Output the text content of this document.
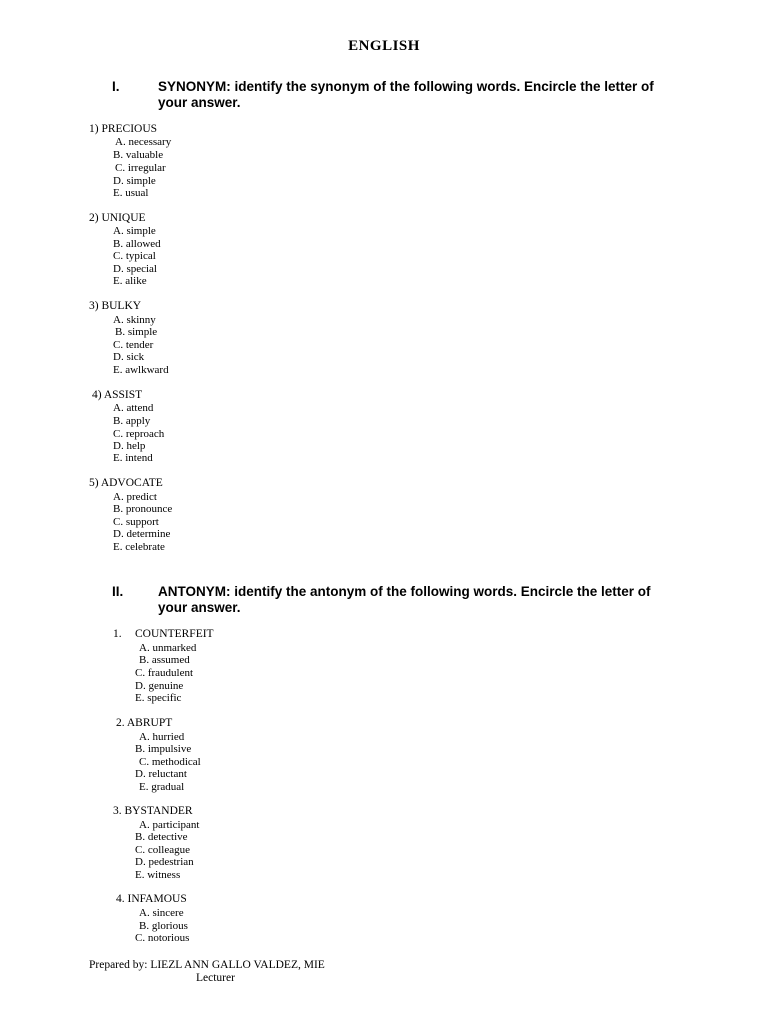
ENGLISH
I.	SYNONYM: identify the synonym of the following words. Encircle the letter of your answer.
1) PRECIOUS
A. necessary
B. valuable
C. irregular
D. simple
E. usual
2) UNIQUE
A. simple
B. allowed
C. typical
D. special
E. alike
3) BULKY
A. skinny
B. simple
C. tender
D. sick
E. awlkward
4) ASSIST
A. attend
B. apply
C. reproach
D. help
E. intend
5) ADVOCATE
A. predict
B. pronounce
C. support
D. determine
E. celebrate
II.	ANTONYM: identify the antonym of the following words. Encircle the letter of your answer.
1. COUNTERFEIT
A. unmarked
B. assumed
C. fraudulent
D. genuine
E. specific
2. ABRUPT
A. hurried
B. impulsive
C. methodical
D. reluctant
E. gradual
3. BYSTANDER
A. participant
B. detective
C. colleague
D. pedestrian
E. witness
4. INFAMOUS
A. sincere
B. glorious
C. notorious
Prepared by: LIEZL ANN GALLO VALDEZ, MIE
Lecturer
